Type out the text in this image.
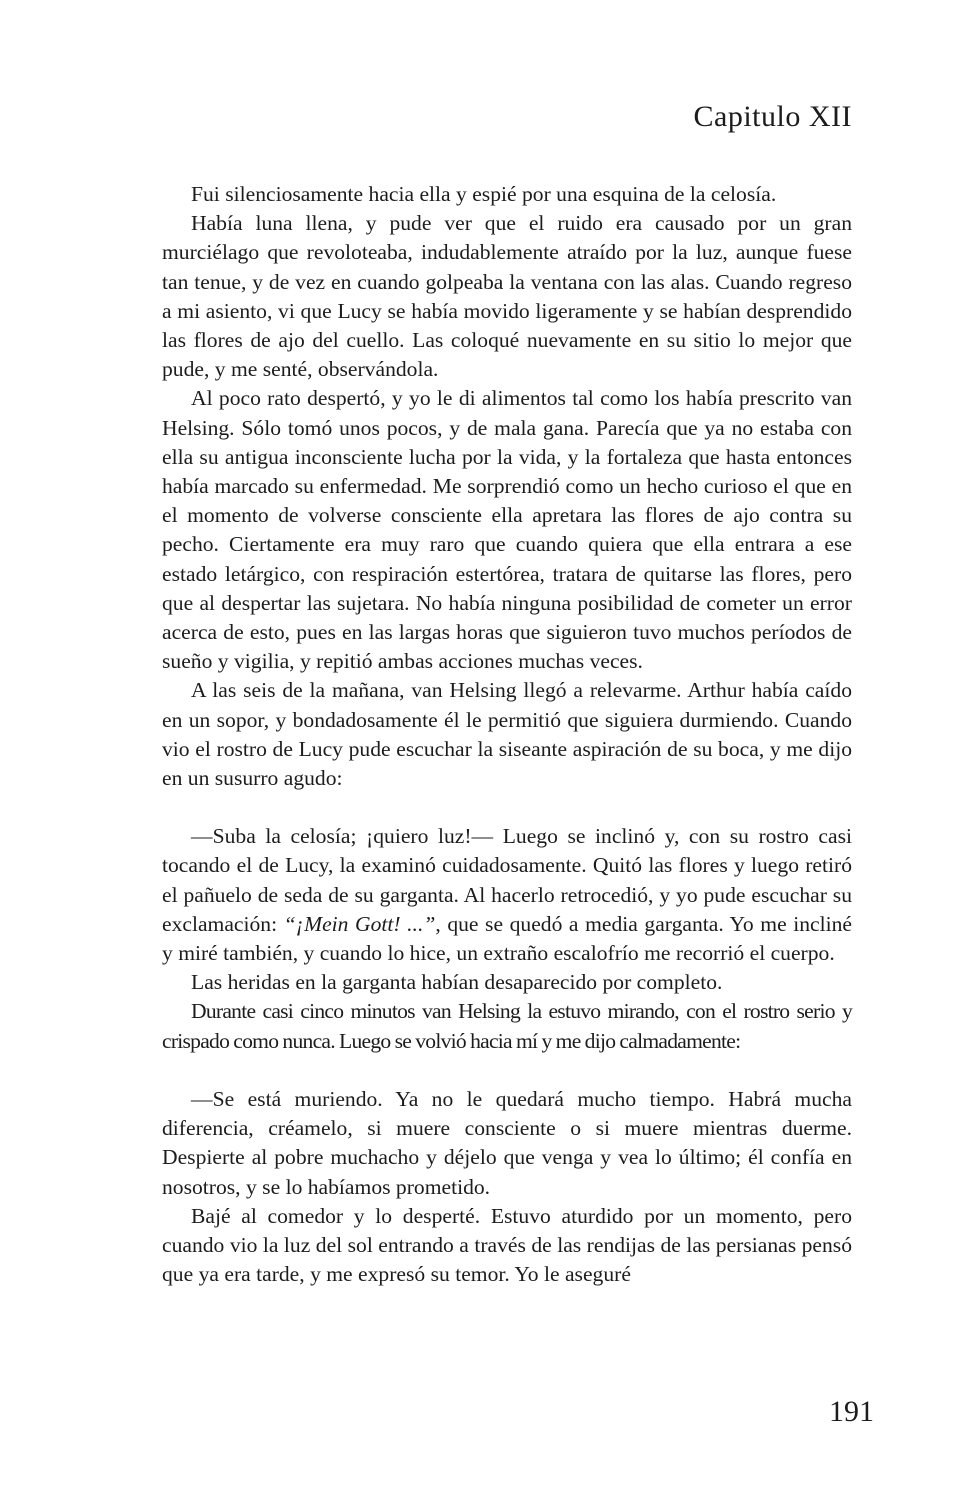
Capitulo XII

Fui silenciosamente hacia ella y espié por una esquina de la celosía.

Había luna llena, y pude ver que el ruido era causado por un gran murciélago que revoloteaba, indudablemente atraído por la luz, aunque fuese tan tenue, y de vez en cuando golpeaba la ventana con las alas. Cuando regreso a mi asiento, vi que Lucy se había movido ligeramente y se habían desprendido las flores de ajo del cuello. Las coloqué nuevamente en su sitio lo mejor que pude, y me senté, observándola.

Al poco rato despertó, y yo le di alimentos tal como los había prescrito van Helsing. Sólo tomó unos pocos, y de mala gana. Parecía que ya no estaba con ella su antigua inconsciente lucha por la vida, y la fortaleza que hasta entonces había marcado su enfermedad. Me sorprendió como un hecho curioso el que en el momento de volverse consciente ella apretara las flores de ajo contra su pecho. Ciertamente era muy raro que cuando quiera que ella entrara a ese estado letárgico, con respiración estertórea, tratara de quitarse las flores, pero que al despertar las sujetara. No había ninguna posibilidad de cometer un error acerca de esto, pues en las largas horas que siguieron tuvo muchos períodos de sueño y vigilia, y repitió ambas acciones muchas veces.

A las seis de la mañana, van Helsing llegó a relevarme. Arthur había caído en un sopor, y bondadosamente él le permitió que siguiera durmiendo. Cuando vio el rostro de Lucy pude escuchar la siseante aspiración de su boca, y me dijo en un susurro agudo:

—Suba la celosía; ¡quiero luz!— Luego se inclinó y, con su rostro casi tocando el de Lucy, la examinó cuidadosamente. Quitó las flores y luego retiró el pañuelo de seda de su garganta. Al hacerlo retrocedió, y yo pude escuchar su exclamación: “¡Mein Gott! ...”, que se quedó a media garganta. Yo me incliné y miré también, y cuando lo hice, un extraño escalofrío me recorrió el cuerpo.

Las heridas en la garganta habían desaparecido por completo.

Durante casi cinco minutos van Helsing la estuvo mirando, con el rostro serio y crispado como nunca. Luego se volvió hacia mí y me dijo calmadamente:

—Se está muriendo. Ya no le quedará mucho tiempo. Habrá mucha diferencia, créamelo, si muere consciente o si muere mientras duerme. Despierte al pobre muchacho y déjelo que venga y vea lo último; él confía en nosotros, y se lo habíamos prometido.

Bajé al comedor y lo desperté. Estuvo aturdido por un momento, pero cuando vio la luz del sol entrando a través de las rendijas de las persianas pensó que ya era tarde, y me expresó su temor. Yo le aseguré

191
